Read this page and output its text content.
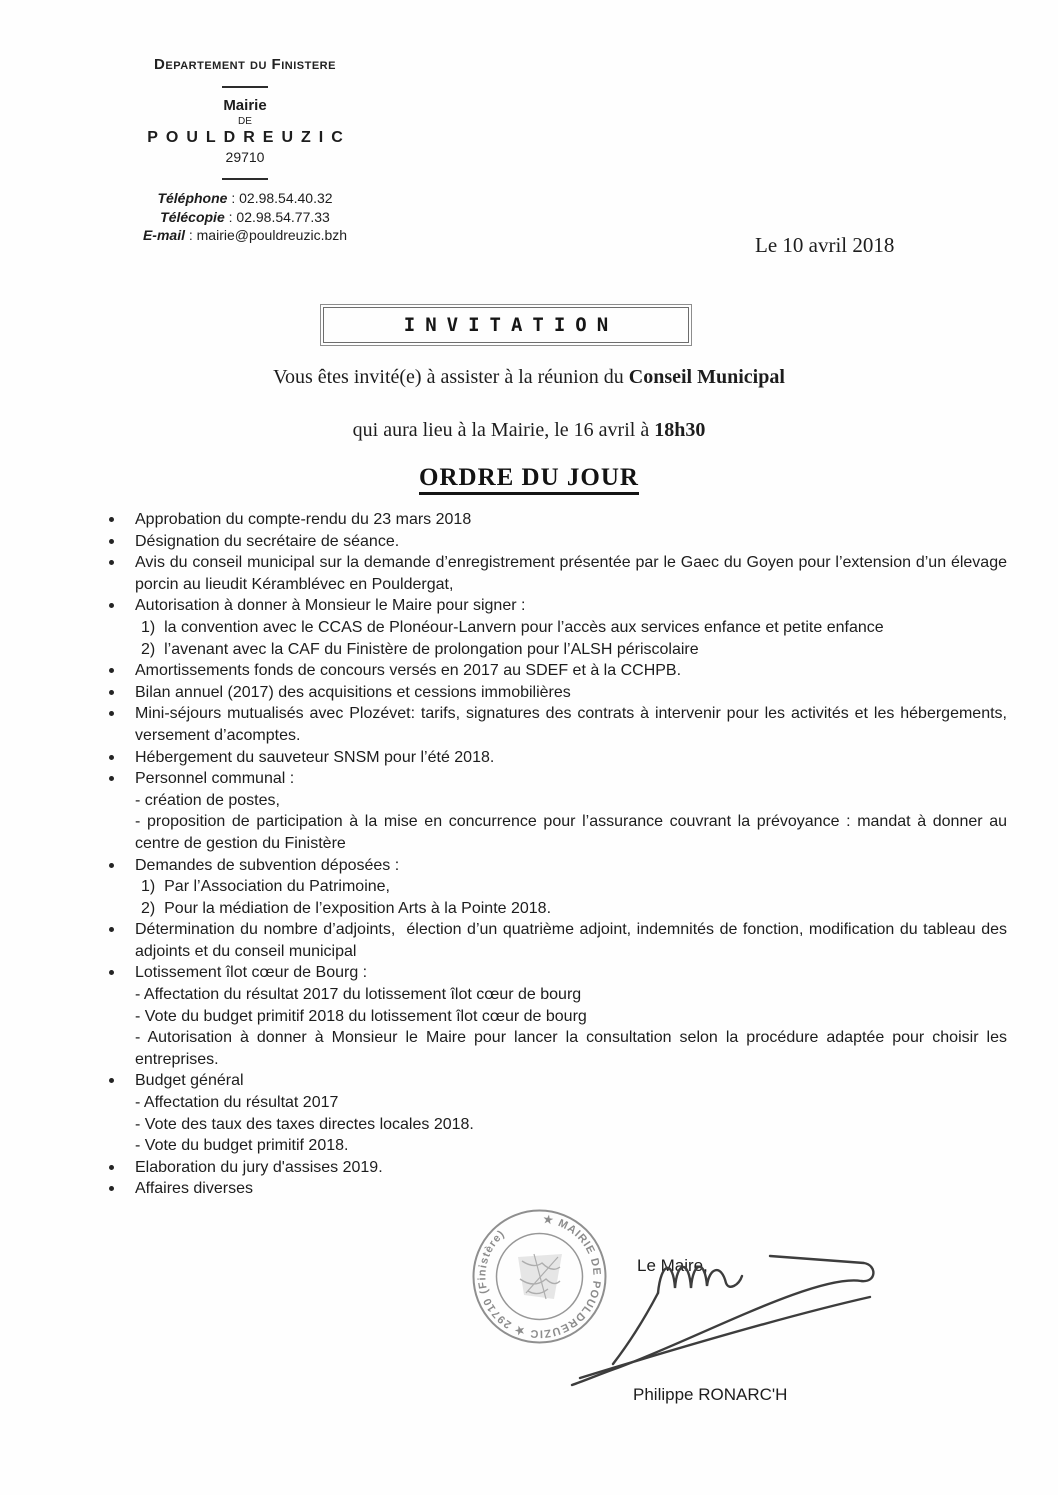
Departement du Finistere
Mairie
DE
POULDREUZIC
29710
Téléphone : 02.98.54.40.32
Télécopie : 02.98.54.77.33
E-mail : mairie@pouldreuzic.bzh	Le 10 avril 2018
INVITATION

Vous êtes invité(e) à assister à la réunion du Conseil Municipal

qui aura lieu à la Mairie, le 16 avril à 18h30

ORDRE DU JOUR
Approbation du compte-rendu du 23 mars 2018
Désignation du secrétaire de séance.
Avis du conseil municipal sur la demande d’enregistrement présentée par le Gaec du Goyen pour l’extension d’un élevage porcin au lieudit Kéramblévec en Pouldergat,
Autorisation à donner à Monsieur le Maire pour signer :
1)  la convention avec le CCAS de Plonéour-Lanvern pour l’accès aux services enfance et petite enfance
2)  l’avenant avec la CAF du Finistère de prolongation pour l’ALSH périscolaire
Amortissements fonds de concours versés en 2017 au SDEF et à la CCHPB.
Bilan annuel (2017) des acquisitions et cessions immobilières
Mini-séjours mutualisés avec Plozévet: tarifs, signatures des contrats à intervenir pour les activités et les hébergements, versement d’acomptes.
Hébergement du sauveteur SNSM pour l’été 2018.
Personnel communal :
- création de postes,
- proposition de participation à la mise en concurrence pour l’assurance couvrant la prévoyance : mandat à donner au centre de gestion du Finistère
Demandes de subvention déposées :
1)  Par l’Association du Patrimoine,
2)  Pour la médiation de l’exposition Arts à la Pointe 2018.
Détermination du nombre d’adjoints,  élection d’un quatrième adjoint, indemnités de fonction, modification du tableau des adjoints et du conseil municipal
Lotissement îlot cœur de Bourg :
- Affectation du résultat 2017 du lotissement îlot cœur de bourg
- Vote du budget primitif 2018 du lotissement îlot cœur de bourg
- Autorisation à donner à Monsieur le Maire pour lancer la consultation selon la procédure adaptée pour choisir les entreprises.
Budget général
- Affectation du résultat 2017
- Vote des taux des taxes directes locales 2018.
- Vote du budget primitif 2018.
Elaboration du jury d'assises 2019.
Affaires diverses
★ MAIRIE DE POULDREUZIC ★ 29710 (Finistère)
Le Maire,
Philippe RONARC'H
